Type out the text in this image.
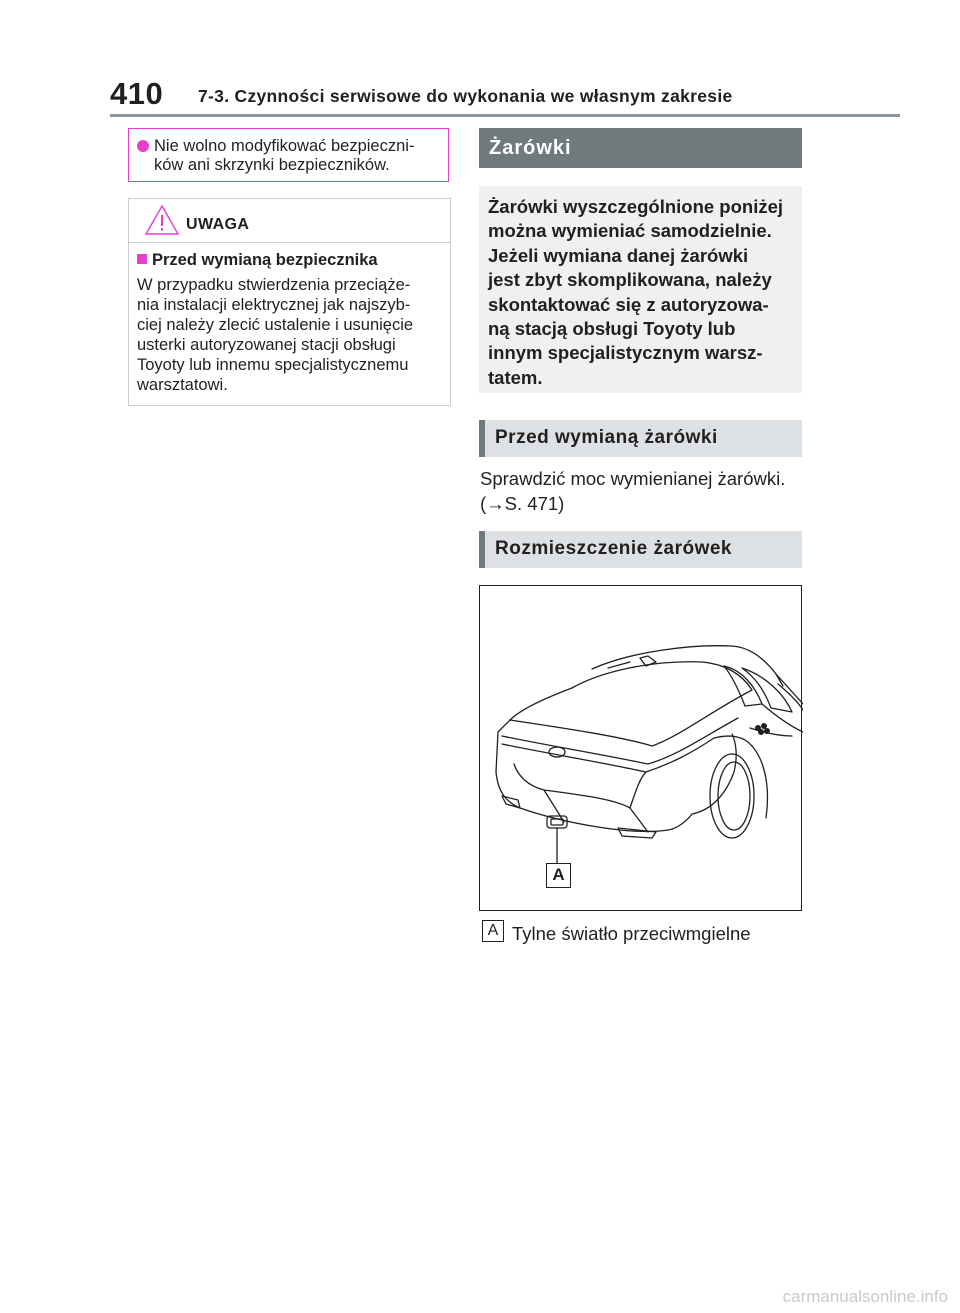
410 7-3. Czynności serwisowe do wykonania we własnym zakresie
Nie wolno modyfikować bezpieczni-
ków ani skrzynki bezpieczników.
UWAGA
Przed wymianą bezpiecznika
W przypadku stwierdzenia przeciąże-
nia instalacji elektrycznej jak najszyb-
ciej należy zlecić ustalenie i usunięcie
usterki autoryzowanej stacji obsługi
Toyoty lub innemu specjalistycznemu
warsztatowi.
Żarówki
Żarówki wyszczególnione poniżej
można wymieniać samodzielnie.
Jeżeli wymiana danej żarówki
jest zbyt skomplikowana, należy
skontaktować się z autoryzowa-
ną stacją obsługi Toyoty lub
innym specjalistycznym warsz-
tatem.
Przed wymianą żarówki
Sprawdzić moc wymienianej żarówki.
(→S. 471)
Rozmieszczenie żarówek
A
A Tylne światło przeciwmgielne
carmanualsonline.info
